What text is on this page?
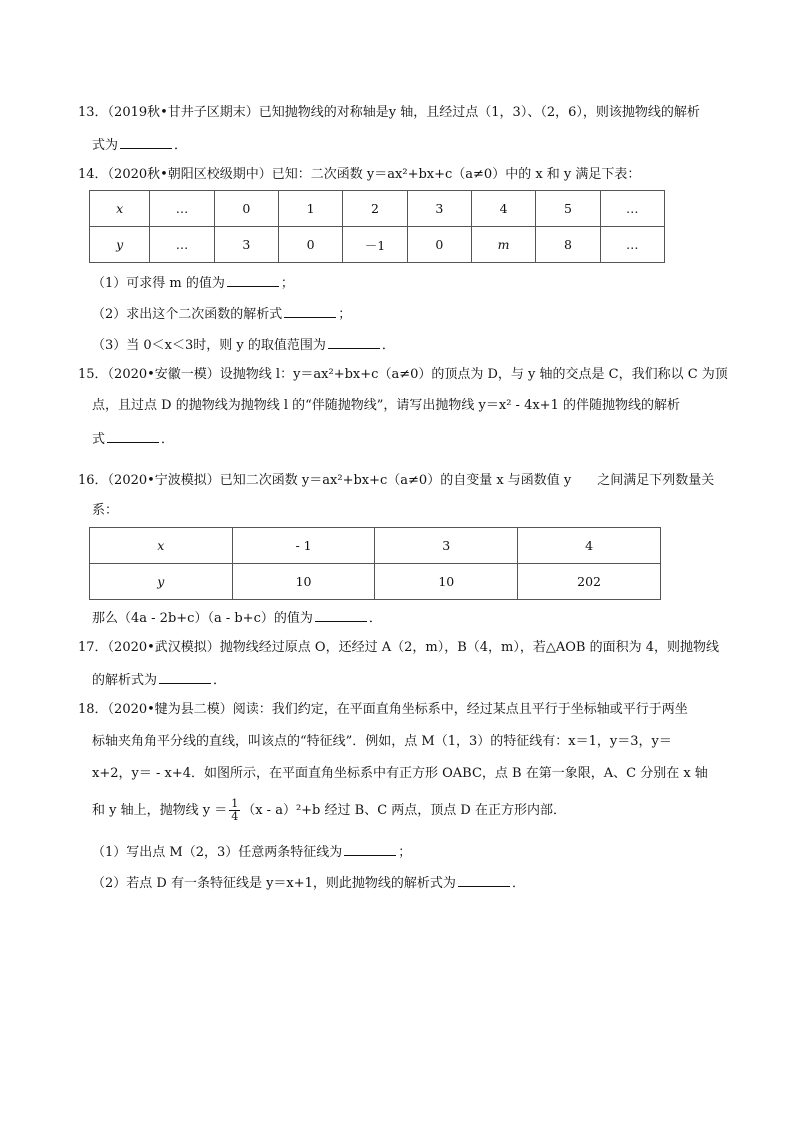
13．（2019秋•甘井子区期末）已知抛物线的对称轴是y 轴，且经过点（1，3）、（2，6），则该抛物线的解析
式为	．
14．（2020秋•朝阳区校级期中）已知：二次函数 y＝ax²+bx+c（a≠0）中的 x 和 y 满足下表：
x	…	0	1	2	3	4	5	…
y	…	3	0	－1	0	m	8	…
（1）可求得 m 的值为	；
（2）求出这个二次函数的解析式	；
（3）当 0＜x＜3时，则 y 的取值范围为	．
15．（2020•安徽一模）设抛物线 l：y＝ax²+bx+c（a≠0）的顶点为 D，与 y 轴的交点是 C，我们称以 C 为顶
点，且过点 D 的抛物线为抛物线 l 的“伴随抛物线”，请写出抛物线 y＝x² - 4x+1 的伴随抛物线的解析
式	．
16．（2020•宁波模拟）已知二次函数 y＝ax²+bx+c（a≠0）的自变量 x 与函数值 y　　之间满足下列数量关
系：
x	- 1	3	4
y	10	10	202
那么（4a - 2b+c）（a - b+c）的值为	．
17．（2020•武汉模拟）抛物线经过原点 O，还经过 A（2，m），B（4，m），若△AOB 的面积为 4，则抛物线
的解析式为	．
18．（2020•犍为县二模）阅读：我们约定，在平面直角坐标系中，经过某点且平行于坐标轴或平行于两坐
标轴夹角角平分线的直线，叫该点的“特征线”．例如，点 M（1，3）的特征线有：x＝1，y＝3，y＝
x+2，y＝ - x+4．如图所示，在平面直角坐标系中有正方形 OABC，点 B 在第一象限，A、C 分别在 x 轴
和 y 轴上，抛物线 $y = \frac{1}{4} (x - a)^2+b$ 经过 B、C 两点，顶点 D 在正方形内部．
（1）写出点 M（2，3）任意两条特征线为	；
（2）若点 D 有一条特征线是 y＝x+1，则此抛物线的解析式为	．
